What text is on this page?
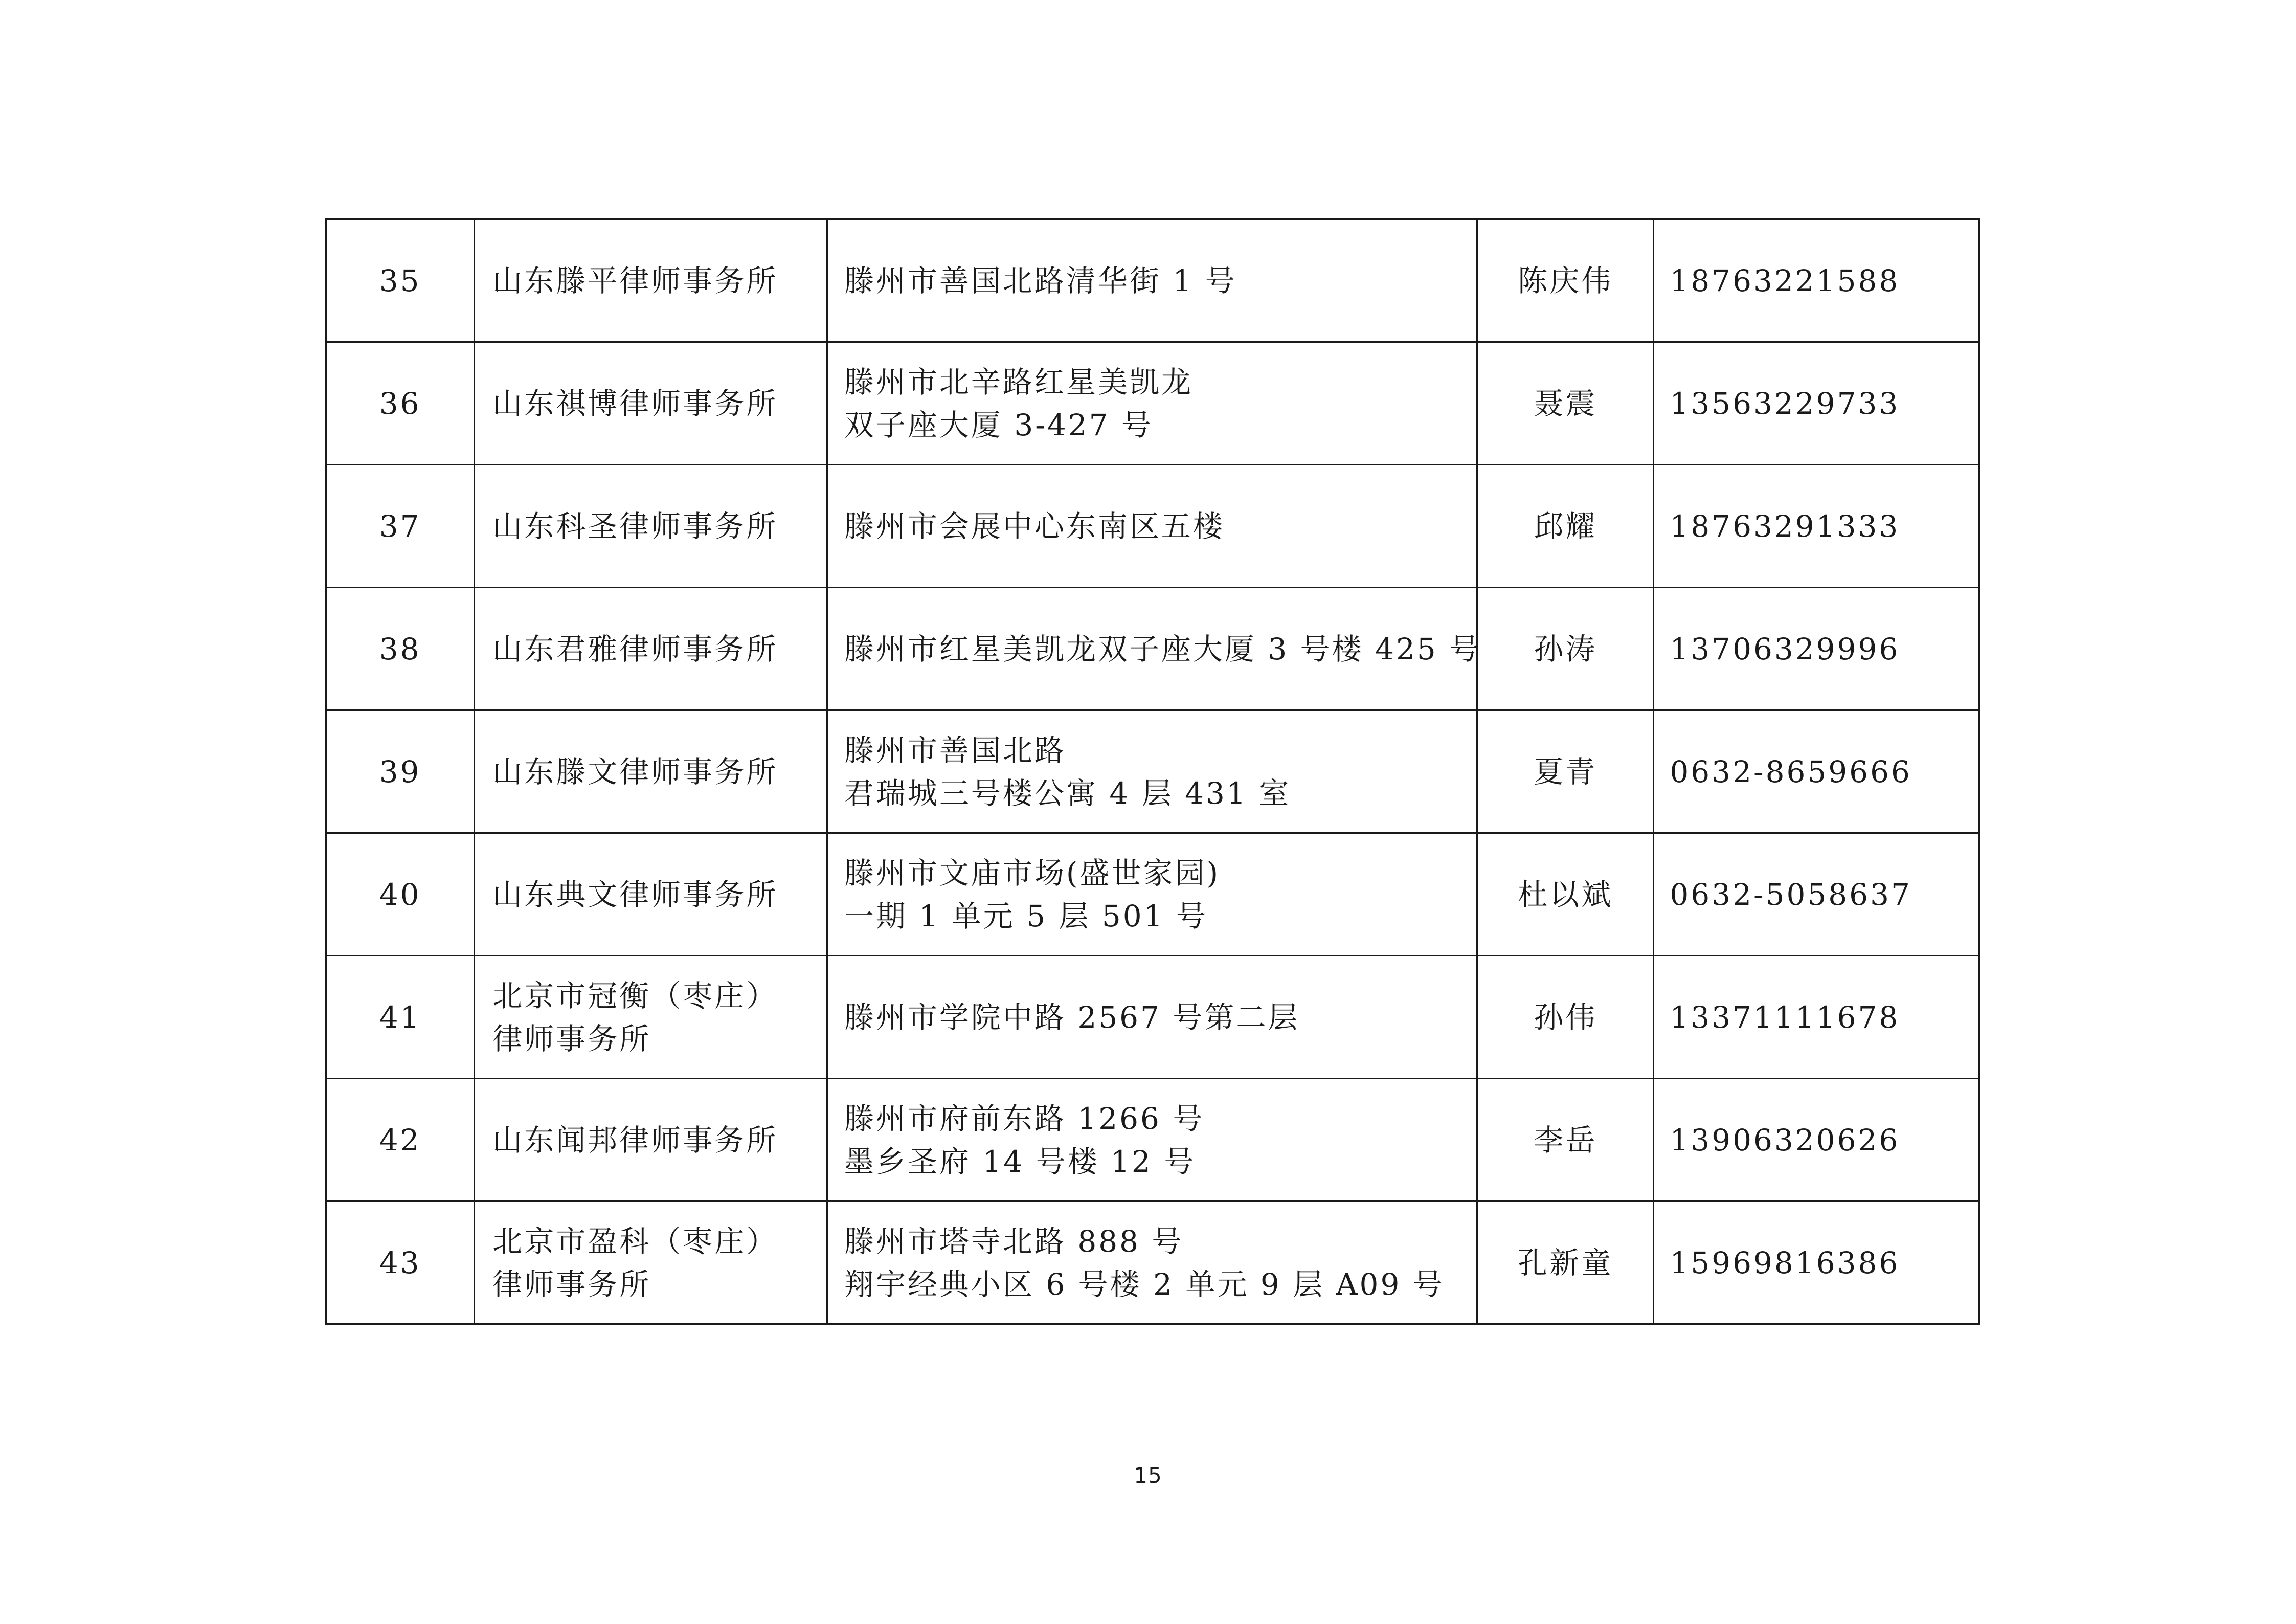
35	山东滕平律师事务所	滕州市善国北路清华街 1 号	陈庆伟	18763221588
36	山东祺博律师事务所	滕州市北辛路红星美凯龙
双子座大厦 3-427 号	聂震	13563229733
37	山东科圣律师事务所	滕州市会展中心东南区五楼	邱耀	18763291333
38	山东君雅律师事务所	滕州市红星美凯龙双子座大厦 3 号楼 425 号	孙涛	13706329996
39	山东滕文律师事务所	滕州市善国北路
君瑞城三号楼公寓 4 层 431 室	夏青	0632-8659666
40	山东典文律师事务所	滕州市文庙市场(盛世家园)
一期 1 单元 5 层 501 号	杜以斌	0632-5058637
41	北京市冠衡（枣庄）
律师事务所	滕州市学院中路 2567 号第二层	孙伟	13371111678
42	山东闻邦律师事务所	滕州市府前东路 1266 号
墨乡圣府 14 号楼 12 号	李岳	13906320626
43	北京市盈科（枣庄）
律师事务所	滕州市塔寺北路 888 号
翔宇经典小区 6 号楼 2 单元 9 层 A09 号	孔新童	15969816386
15
